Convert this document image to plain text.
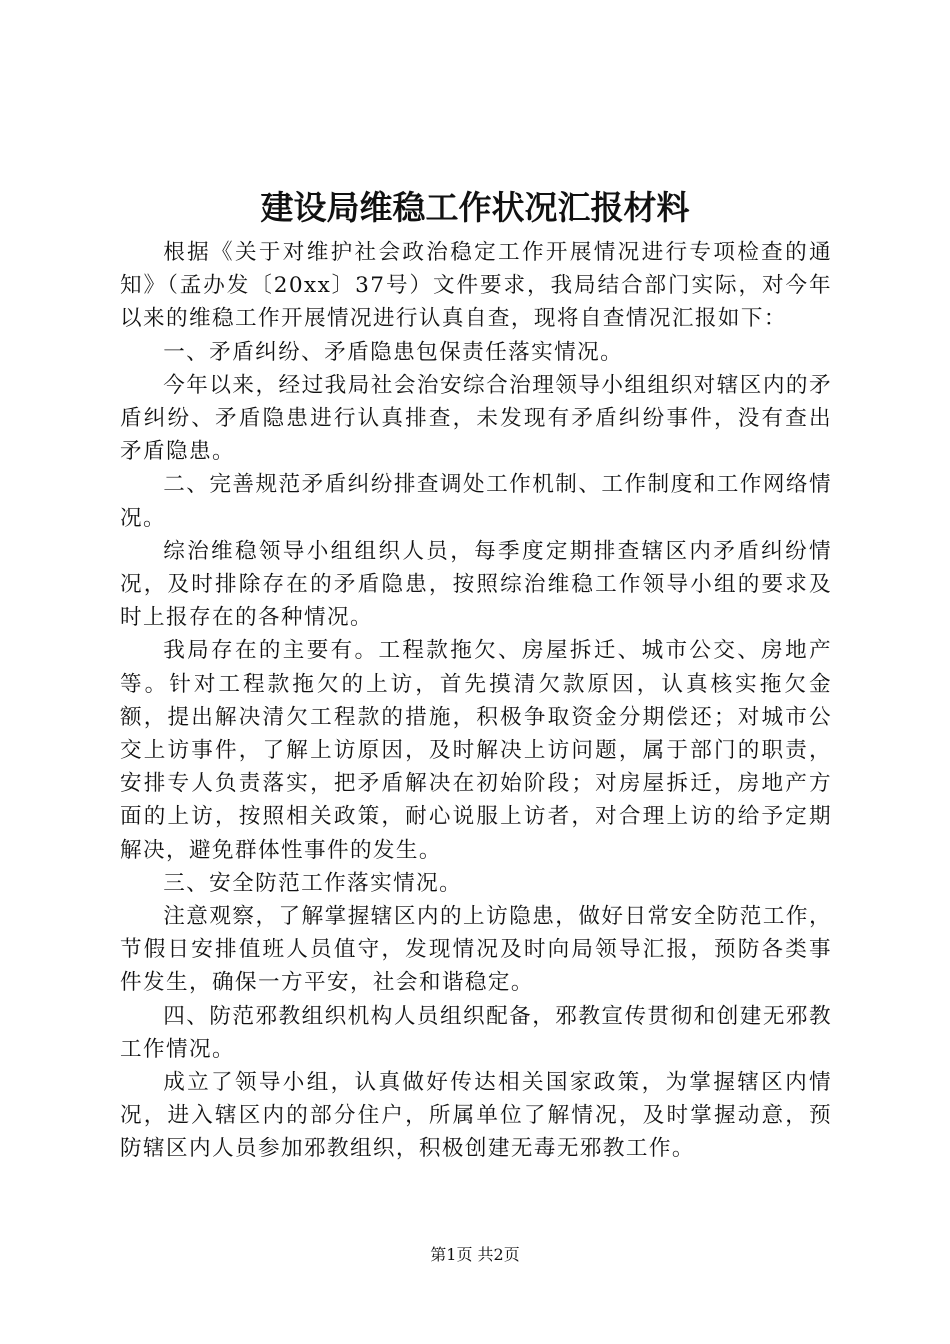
建设局维稳工作状况汇报材料

根据《关于对维护社会政治稳定工作开展情况进行专项检查的通知》（孟办发〔20xx〕37号）文件要求，我局结合部门实际，对今年以来的维稳工作开展情况进行认真自查，现将自查情况汇报如下：

一、矛盾纠纷、矛盾隐患包保责任落实情况。

今年以来，经过我局社会治安综合治理领导小组组织对辖区内的矛盾纠纷、矛盾隐患进行认真排查，未发现有矛盾纠纷事件，没有查出矛盾隐患。

二、完善规范矛盾纠纷排查调处工作机制、工作制度和工作网络情况。

综治维稳领导小组组织人员，每季度定期排查辖区内矛盾纠纷情况，及时排除存在的矛盾隐患，按照综治维稳工作领导小组的要求及时上报存在的各种情况。

我局存在的主要有。工程款拖欠、房屋拆迁、城市公交、房地产等。针对工程款拖欠的上访，首先摸清欠款原因，认真核实拖欠金额，提出解决清欠工程款的措施，积极争取资金分期偿还；对城市公交上访事件，了解上访原因，及时解决上访问题，属于部门的职责，安排专人负责落实，把矛盾解决在初始阶段；对房屋拆迁，房地产方面的上访，按照相关政策，耐心说服上访者，对合理上访的给予定期解决，避免群体性事件的发生。

三、安全防范工作落实情况。

注意观察，了解掌握辖区内的上访隐患，做好日常安全防范工作，节假日安排值班人员值守，发现情况及时向局领导汇报，预防各类事件发生，确保一方平安，社会和谐稳定。

四、防范邪教组织机构人员组织配备，邪教宣传贯彻和创建无邪教工作情况。

成立了领导小组，认真做好传达相关国家政策，为掌握辖区内情况，进入辖区内的部分住户，所属单位了解情况，及时掌握动意，预防辖区内人员参加邪教组织，积极创建无毒无邪教工作。

第1页 共2页
